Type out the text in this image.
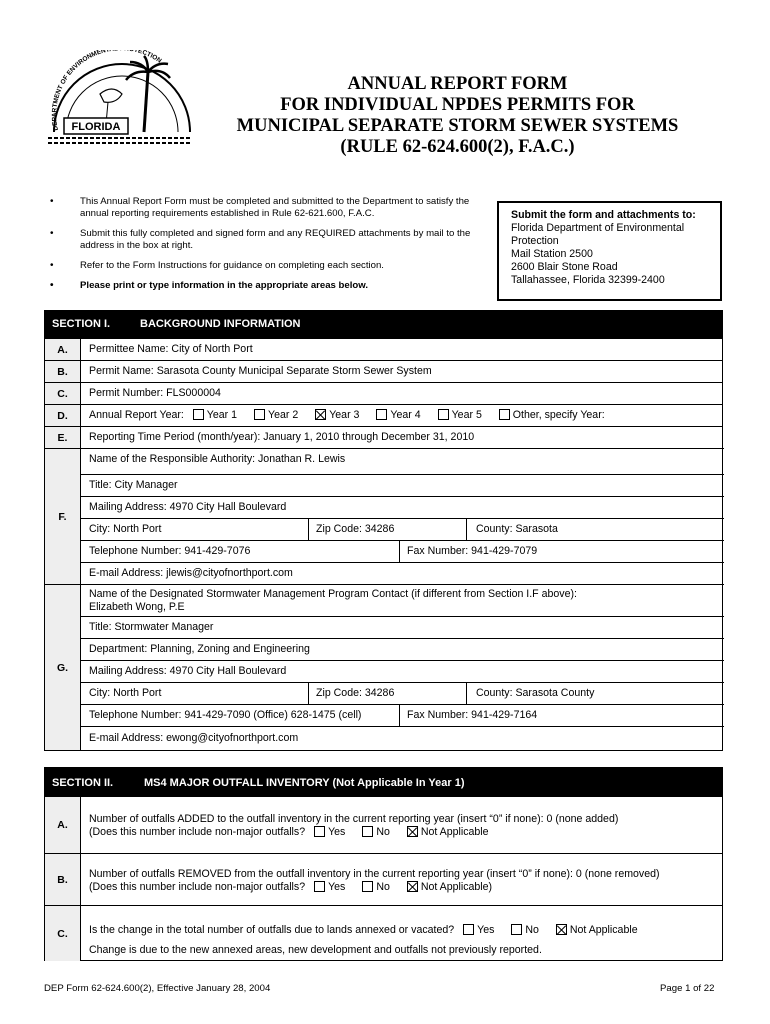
FLORIDA
DEPARTMENT OF ENVIRONMENT TECTION
ANNUAL REPORT FORM
FOR INDIVIDUAL NPDES PERMITS FOR
MUNICIPAL SEPARATE STORM SEWER SYSTEMS
(RULE 62-624.600(2), F.A.C.)
•	This Annual Report Form must be completed and submitted to the Department to satisfy the annual reporting requirements established in Rule 62-621.600, F.A.C.
•	Submit this fully completed and signed form and any REQUIRED attachments by mail to the address in the box at right.
•	Refer to the Form Instructions for guidance on completing each section.
•	Please print or type information in the appropriate areas below.
Submit the form and attachments to:
Florida Department of Environmental
Protection
Mail Station 2500
2600 Blair Stone Road
Tallahassee, Florida 32399-2400
SECTION I.	BACKGROUND INFORMATION
A.	Permittee Name: City of North Port
B.	Permit Name: Sarasota County Municipal Separate Storm Sewer System
C.	Permit Number: FLS000004
D.	Annual Report Year: Year 1	Year 2	Year 3	Year 4	Year 5	Other, specify Year:
E.	Reporting Time Period (month/year): January 1, 2010 through December 31, 2010
F.
Name of the Responsible Authority: Jonathan R. Lewis
Title: City Manager
Mailing Address: 4970 City Hall Boulevard
City: North Port	Zip Code: 34286	County: Sarasota
Telephone Number: 941-429-7076	Fax Number: 941-429-7079
E-mail Address: jlewis@cityofnorthport.com
G.
Name of the Designated Stormwater Management Program Contact (if different from Section I.F above):
Elizabeth Wong, P.E
Title: Stormwater Manager
Department: Planning, Zoning and Engineering
Mailing Address: 4970 City Hall Boulevard
City: North Port	Zip Code: 34286	County: Sarasota County
Telephone Number: 941-429-7090 (Office) 628-1475 (cell)	Fax Number: 941-429-7164
E-mail Address: ewong@cityofnorthport.com
SECTION II.	MS4 MAJOR OUTFALL INVENTORY (Not Applicable In Year 1)
A.	Number of outfalls ADDED to the outfall inventory in the current reporting year (insert “0” if none): 0 (none added)
(Does this number include non-major outfalls? Yes	No	Not Applicable
B.	Number of outfalls REMOVED from the outfall inventory in the current reporting year (insert “0” if none): 0 (none removed)
(Does this number include non-major outfalls? Yes	No	Not Applicable)
C.	Is the change in the total number of outfalls due to lands annexed or vacated? Yes	No	Not Applicable
Change is due to the new annexed areas, new development and outfalls not previously reported.
DEP Form 62-624.600(2), Effective January 28, 2004	Page 1 of 22
